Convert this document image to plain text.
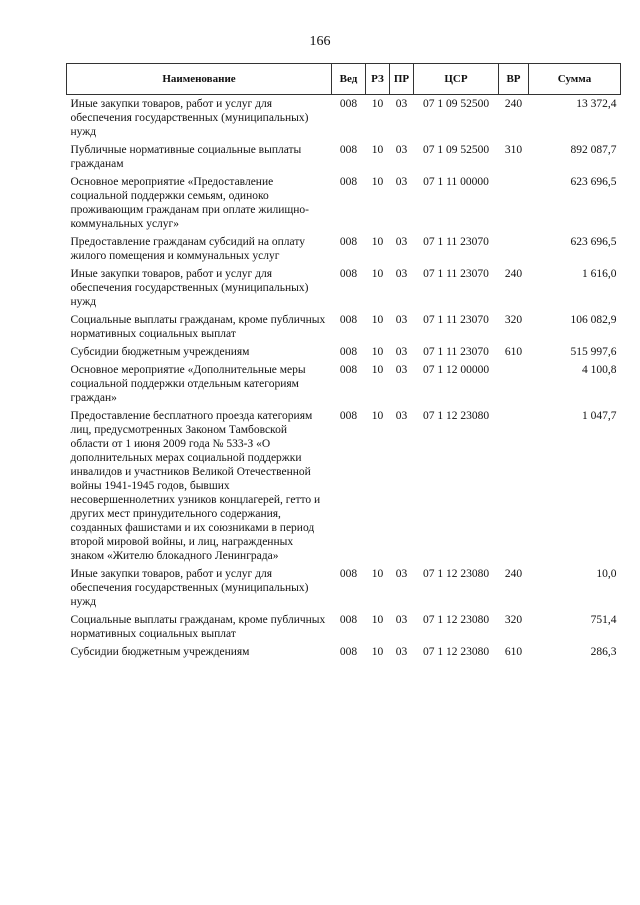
166
Наименование	Вед	РЗ	ПР	ЦСР	ВР	Сумма
Иные закупки товаров, работ и услуг для обеспечения государственных (муниципальных) нужд	008	10	03	07 1 09 52500	240	13 372,4
Публичные нормативные социальные выплаты гражданам	008	10	03	07 1 09 52500	310	892 087,7
Основное мероприятие «Предоставление социальной поддержки семьям, одиноко проживающим гражданам при оплате жилищно-коммунальных услуг»	008	10	03	07 1 11 00000		623 696,5
Предоставление гражданам субсидий на оплату жилого помещения и коммунальных услуг	008	10	03	07 1 11 23070		623 696,5
Иные закупки товаров, работ и услуг для обеспечения государственных (муниципальных) нужд	008	10	03	07 1 11 23070	240	1 616,0
Социальные выплаты гражданам, кроме публичных нормативных социальных выплат	008	10	03	07 1 11 23070	320	106 082,9
Субсидии бюджетным учреждениям	008	10	03	07 1 11 23070	610	515 997,6
Основное мероприятие «Дополнительные меры социальной поддержки отдельным категориям граждан»	008	10	03	07 1 12 00000		4 100,8
Предоставление бесплатного проезда категориям лиц, предусмотренных Законом Тамбовской области от 1 июня 2009 года № 533-З «О дополнительных мерах социальной поддержки инвалидов и участников Великой Отечественной войны 1941-1945 годов, бывших несовершеннолетних узников концлагерей, гетто и других мест принудительного содержания, созданных фашистами и их союзниками в период второй мировой войны, и лиц, награжденных знаком «Жителю блокадного Ленинграда»	008	10	03	07 1 12 23080		1 047,7
Иные закупки товаров, работ и услуг для обеспечения государственных (муниципальных) нужд	008	10	03	07 1 12 23080	240	10,0
Социальные выплаты гражданам, кроме публичных нормативных социальных выплат	008	10	03	07 1 12 23080	320	751,4
Субсидии бюджетным учреждениям	008	10	03	07 1 12 23080	610	286,3
